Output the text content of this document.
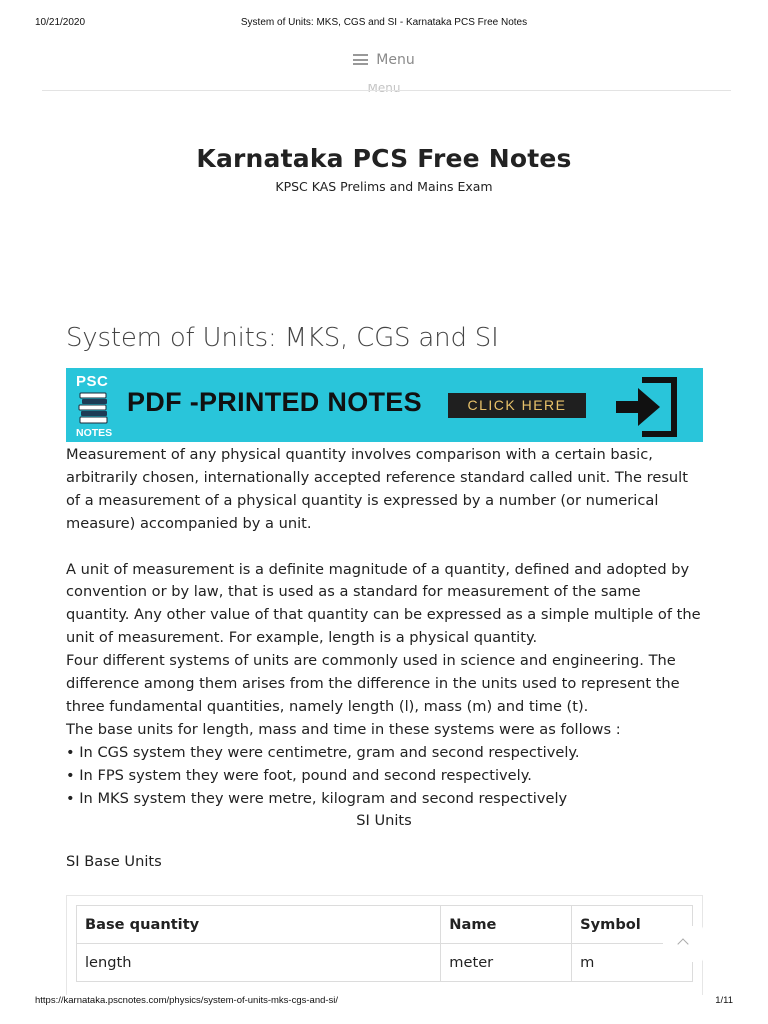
10/21/2020	System of Units: MKS, CGS and SI - Karnataka PCS Free Notes
Menu
Menu
Karnataka PCS Free Notes
KPSC KAS Prelims and Mains Exam
System of Units: MKS, CGS and SI
PSC
NOTES
PDF -PRINTED NOTES	CLICK HERE

Measurement of any physical quantity involves comparison with a certain basic, arbitrarily chosen, internationally accepted reference standard called unit. The result of a measurement of a physical quantity is expressed by a number (or numerical measure) accompanied by a unit.

A unit of measurement is a definite magnitude of a quantity, defined and adopted by convention or by law, that is used as a standard for measurement of the same quantity. Any other value of that quantity can be expressed as a simple multiple of the unit of measurement. For example, length is a physical quantity.

Four different systems of units are commonly used in science and engineering. The difference among them arises from the difference in the units used to represent the three fundamental quantities, namely length (l), mass (m) and time (t).

The base units for length, mass and time in these systems were as follows :

• In CGS system they were centimetre, gram and second respectively.

• In FPS system they were foot, pound and second respectively.

• In MKS system they were metre, kilogram and second respectively

SI Units

SI Base Units

Base quantity	Name	Symbol
length	meter	m
https://karnataka.pscnotes.com/physics/system-of-units-mks-cgs-and-si/	1/11
